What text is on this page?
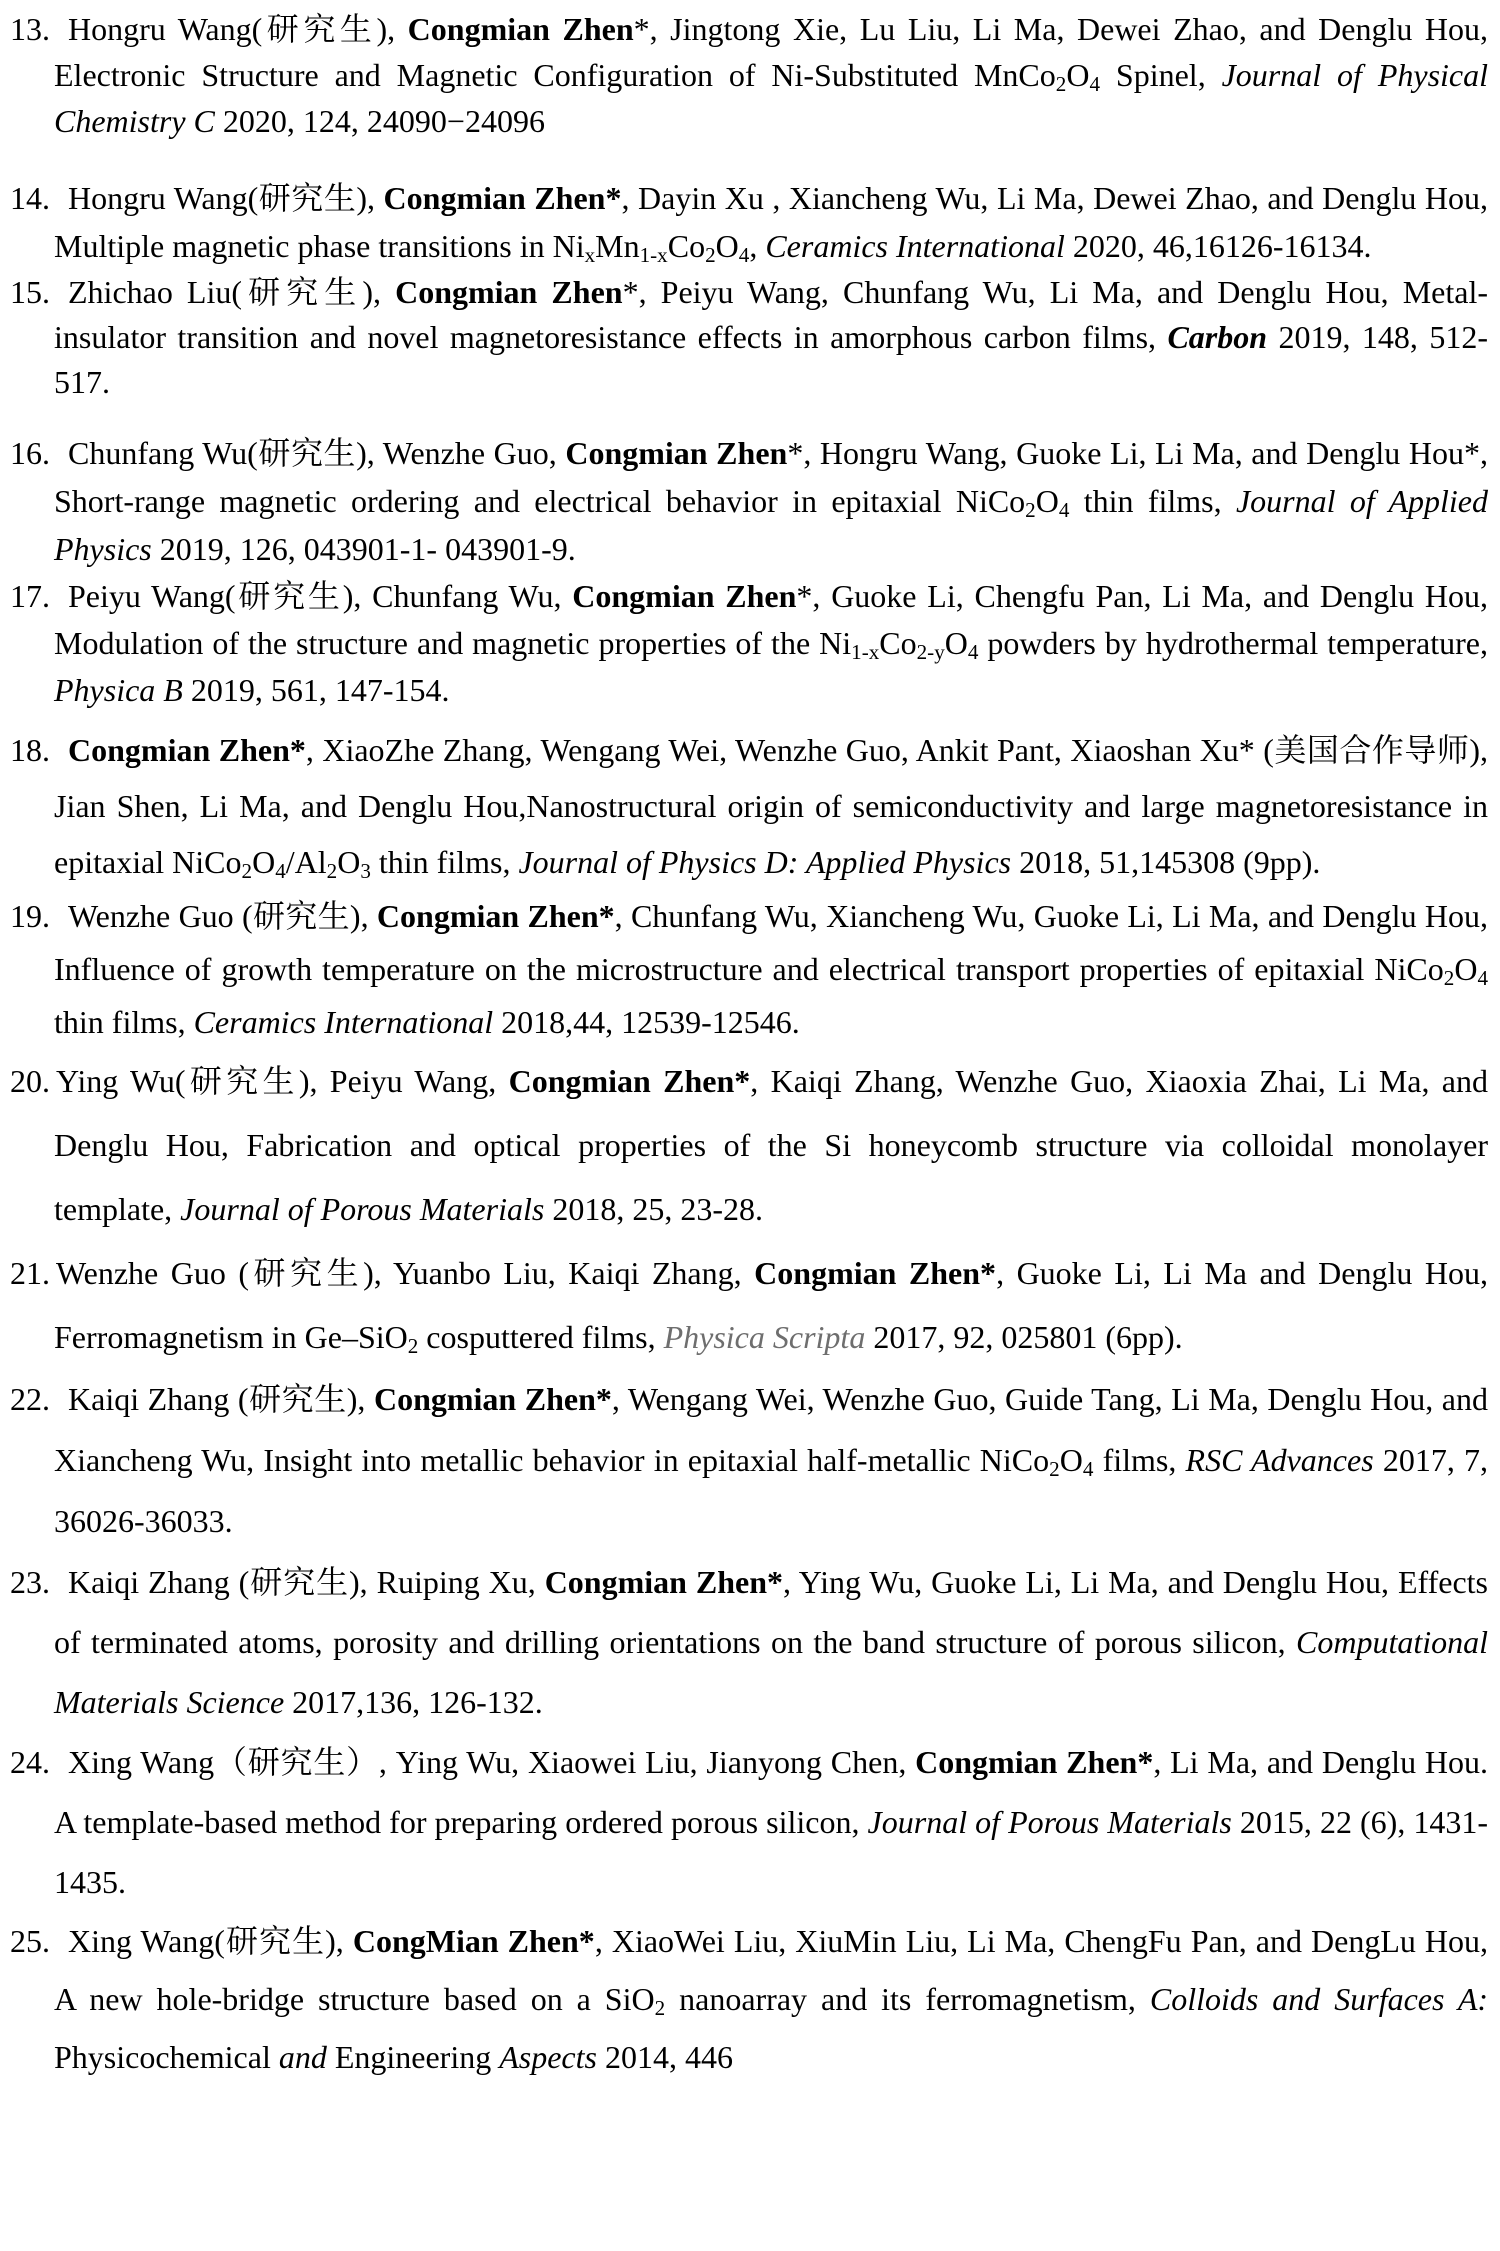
13. Hongru Wang(研究生), Congmian Zhen*, Jingtong Xie, Lu Liu, Li Ma, Dewei Zhao, and Denglu Hou, Electronic Structure and Magnetic Configuration of Ni-Substituted MnCo2O4 Spinel, Journal of Physical Chemistry C 2020, 124, 24090−24096
14. Hongru Wang(研究生), Congmian Zhen*, Dayin Xu , Xiancheng Wu, Li Ma, Dewei Zhao, and Denglu Hou, Multiple magnetic phase transitions in NixMn1-xCo2O4, Ceramics International 2020, 46,16126-16134.
15. Zhichao Liu(研究生), Congmian Zhen*, Peiyu Wang, Chunfang Wu, Li Ma, and Denglu Hou, Metal-insulator transition and novel magnetoresistance effects in amorphous carbon films, Carbon 2019, 148, 512-517.
16. Chunfang Wu(研究生), Wenzhe Guo, Congmian Zhen*, Hongru Wang, Guoke Li, Li Ma, and Denglu Hou*, Short-range magnetic ordering and electrical behavior in epitaxial NiCo2O4 thin films, Journal of Applied Physics 2019, 126, 043901-1- 043901-9.
17. Peiyu Wang(研究生), Chunfang Wu, Congmian Zhen*, Guoke Li, Chengfu Pan, Li Ma, and Denglu Hou, Modulation of the structure and magnetic properties of the Ni1-xCo2-yO4 powders by hydrothermal temperature, Physica B 2019, 561, 147-154.
18. Congmian Zhen*, XiaoZhe Zhang, Wengang Wei, Wenzhe Guo, Ankit Pant, Xiaoshan Xu* (美国合作导师), Jian Shen, Li Ma, and Denglu Hou,Nanostructural origin of semiconductivity and large magnetoresistance in epitaxial NiCo2O4/Al2O3 thin films, Journal of Physics D: Applied Physics 2018, 51,145308 (9pp).
19. Wenzhe Guo (研究生), Congmian Zhen*, Chunfang Wu, Xiancheng Wu, Guoke Li, Li Ma, and Denglu Hou, Influence of growth temperature on the microstructure and electrical transport properties of epitaxial NiCo2O4 thin films, Ceramics International 2018,44, 12539-12546.
20. Ying Wu(研究生), Peiyu Wang, Congmian Zhen*, Kaiqi Zhang, Wenzhe Guo, Xiaoxia Zhai, Li Ma, and Denglu Hou, Fabrication and optical properties of the Si honeycomb structure via colloidal monolayer template, Journal of Porous Materials 2018, 25, 23-28.
21. Wenzhe Guo (研究生), Yuanbo Liu, Kaiqi Zhang, Congmian Zhen*, Guoke Li, Li Ma and Denglu Hou, Ferromagnetism in Ge–SiO2 cosputtered films, Physica Scripta 2017, 92, 025801 (6pp).
22. Kaiqi Zhang (研究生), Congmian Zhen*, Wengang Wei, Wenzhe Guo, Guide Tang, Li Ma, Denglu Hou, and Xiancheng Wu, Insight into metallic behavior in epitaxial half-metallic NiCo2O4 films, RSC Advances 2017, 7, 36026-36033.
23. Kaiqi Zhang (研究生), Ruiping Xu, Congmian Zhen*, Ying Wu, Guoke Li, Li Ma, and Denglu Hou, Effects of terminated atoms, porosity and drilling orientations on the band structure of porous silicon, Computational Materials Science 2017,136, 126-132.
24. Xing Wang（研究生）, Ying Wu, Xiaowei Liu, Jianyong Chen, Congmian Zhen*, Li Ma, and Denglu Hou. A template-based method for preparing ordered porous silicon, Journal of Porous Materials 2015, 22 (6), 1431-1435.
25. Xing Wang(研究生), CongMian Zhen*, XiaoWei Liu, XiuMin Liu, Li Ma, ChengFu Pan, and DengLu Hou, A new hole-bridge structure based on a SiO2 nanoarray and its ferromagnetism, Colloids and Surfaces A: Physicochemical and Engineering Aspects 2014, 446
